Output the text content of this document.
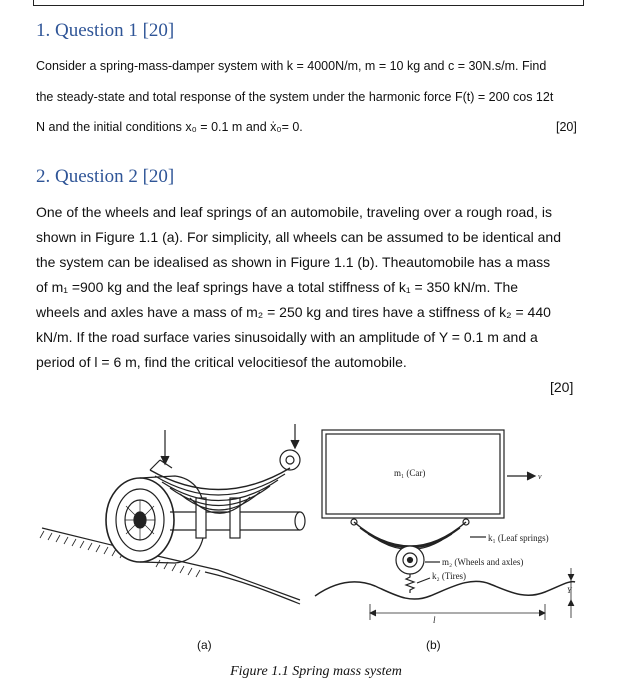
1. Question 1 [20]
Consider a spring-mass-damper system with k = 4000N/m, m = 10 kg and c = 30N.s/m. Find
the steady-state and total response of the system under the harmonic force F(t) = 200 cos 12t
N and the initial conditions x₀ = 0.1 m and ẋ₀= 0.	[20]
2. Question 2 [20]
One of the wheels and leaf springs of an automobile, traveling over a rough road, is
shown in Figure 1.1 (a). For simplicity, all wheels can be assumed to be identical and
the system can be idealised as shown in Figure 1.1 (b). Theautomobile has a mass
of m₁ =900 kg and the leaf springs have a total stiffness of k₁ = 350 kN/m. The
wheels and axles have a mass of m₂ = 250 kg and tires have a stiffness of k₂ = 440
kN/m. If the road surface varies sinusoidally with an amplitude of Y = 0.1 m and a
period of l = 6 m, find the critical velocitiesof the automobile.
[20]
m₁ (Car)	v
k₁ (Leaf springs)
m₂ (Wheels and axles)
k₂ (Tires)
l
Y
(a)	(b)
Figure 1.1 Spring mass system
